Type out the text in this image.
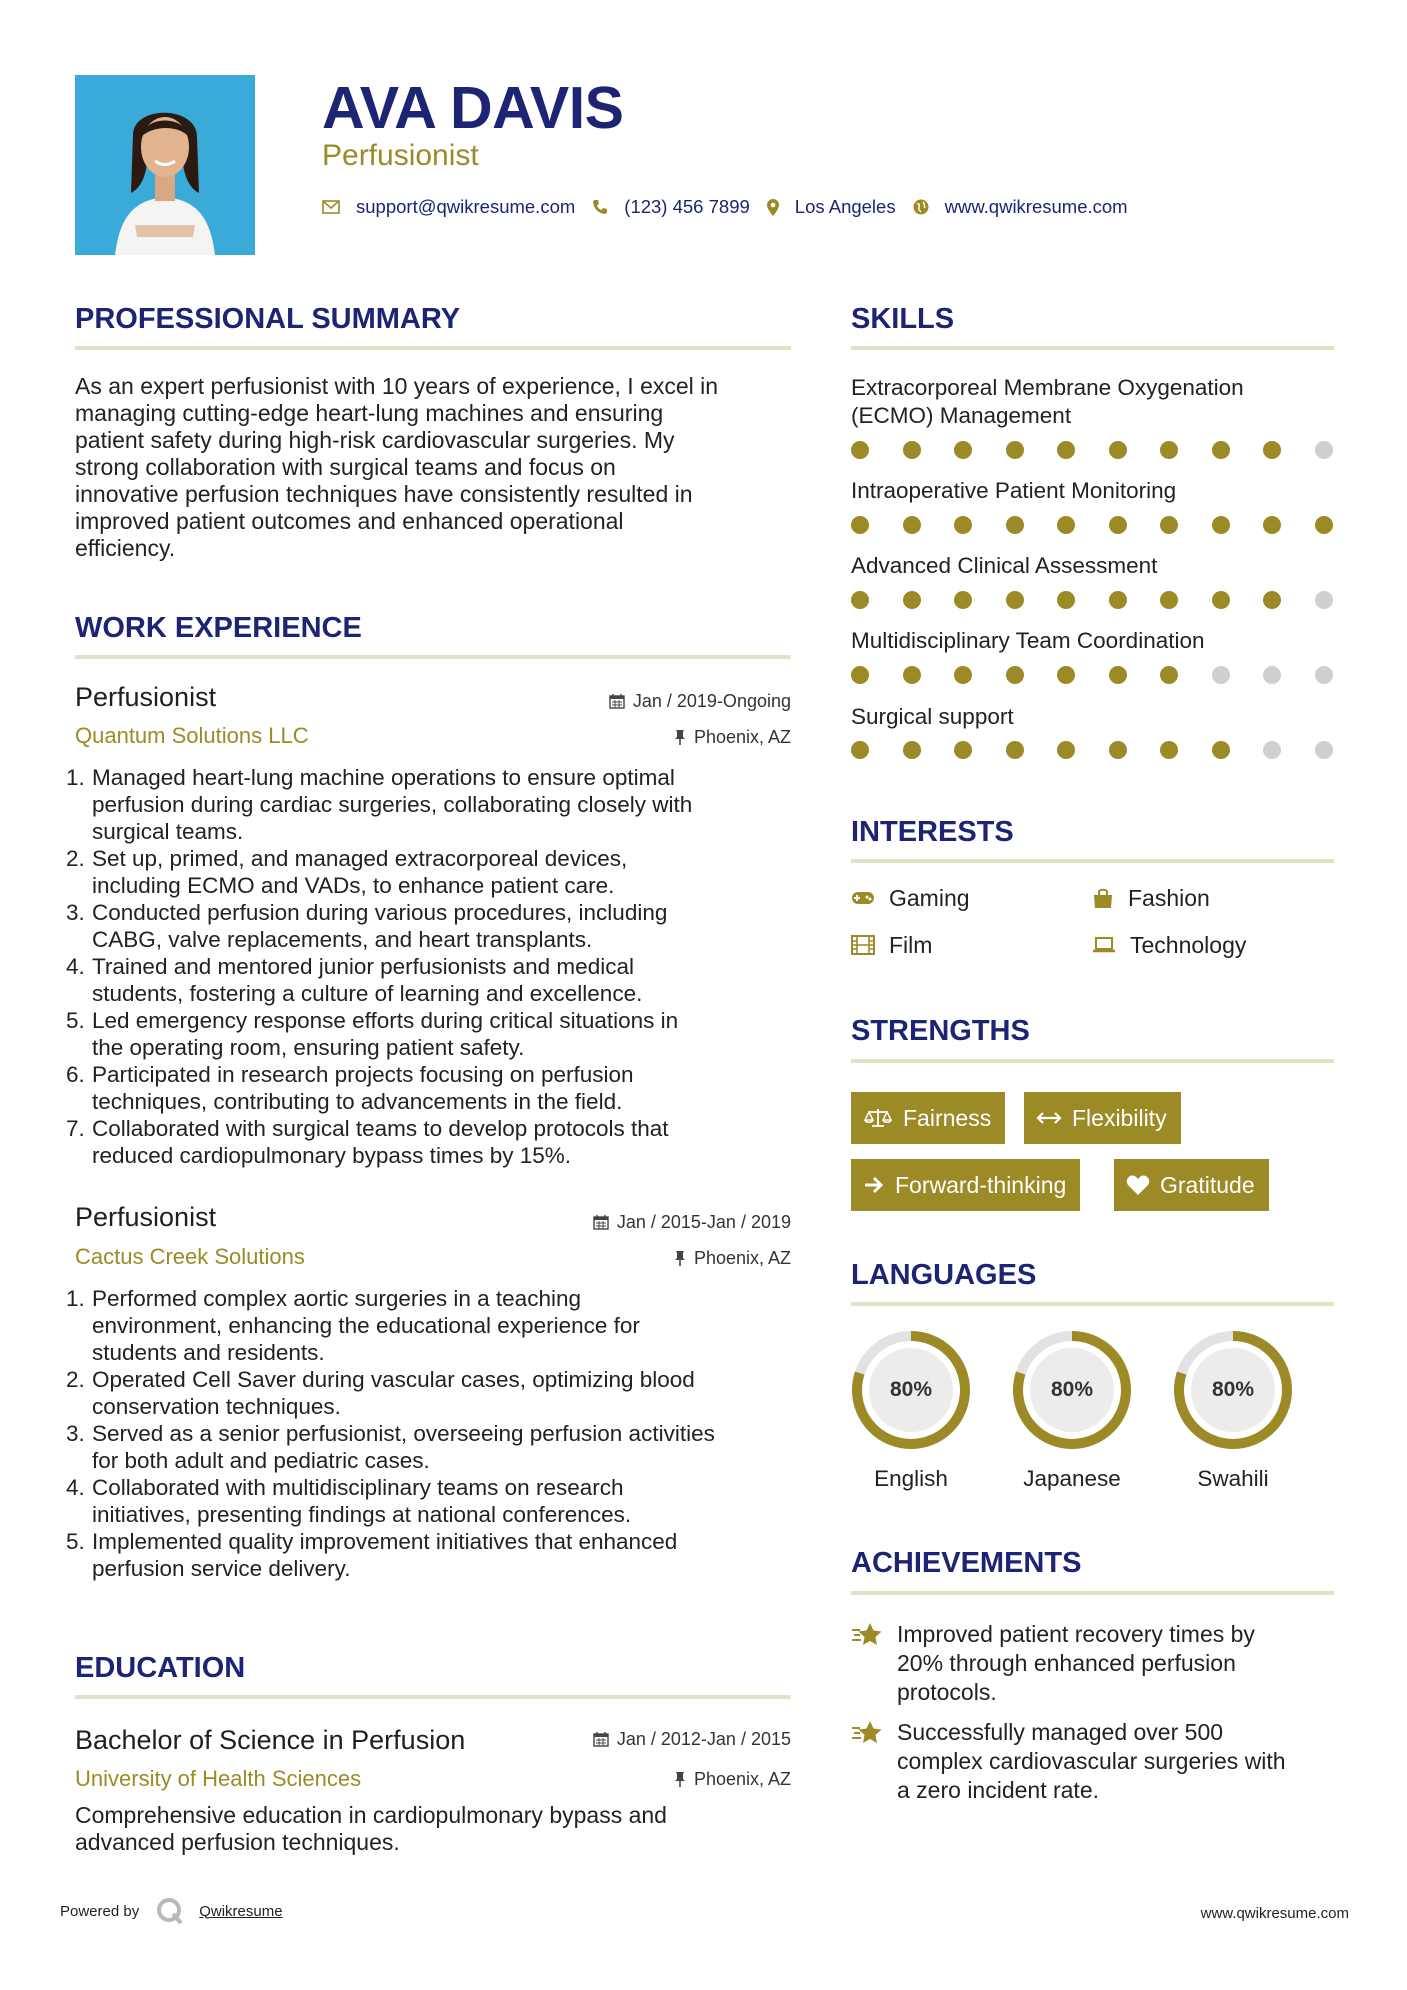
AVA DAVIS
Perfusionist
support@qwikresume.com	(123) 456 7899 Los Angeles	www.qwikresume.com
PROFESSIONAL SUMMARY
As an expert perfusionist with 10 years of experience, I excel in
managing cutting-edge heart-lung machines and ensuring
patient safety during high-risk cardiovascular surgeries. My
strong collaboration with surgical teams and focus on
innovative perfusion techniques have consistently resulted in
improved patient outcomes and enhanced operational
efficiency.
WORK EXPERIENCE
Perfusionist	Jan / 2019-Ongoing
Quantum Solutions LLC	Phoenix, AZ
1. Managed heart-lung machine operations to ensure optimal
perfusion during cardiac surgeries, collaborating closely with
surgical teams.
2. Set up, primed, and managed extracorporeal devices,
including ECMO and VADs, to enhance patient care.
3. Conducted perfusion during various procedures, including
CABG, valve replacements, and heart transplants.
4. Trained and mentored junior perfusionists and medical
students, fostering a culture of learning and excellence.
5. Led emergency response efforts during critical situations in
the operating room, ensuring patient safety.
6. Participated in research projects focusing on perfusion
techniques, contributing to advancements in the field.
7. Collaborated with surgical teams to develop protocols that
reduced cardiopulmonary bypass times by 15%.
Perfusionist	Jan / 2015-Jan / 2019
Cactus Creek Solutions	Phoenix, AZ
1. Performed complex aortic surgeries in a teaching
environment, enhancing the educational experience for
students and residents.
2. Operated Cell Saver during vascular cases, optimizing blood
conservation techniques.
3. Served as a senior perfusionist, overseeing perfusion activities
for both adult and pediatric cases.
4. Collaborated with multidisciplinary teams on research
initiatives, presenting findings at national conferences.
5. Implemented quality improvement initiatives that enhanced
perfusion service delivery.
EDUCATION
Bachelor of Science in Perfusion	Jan / 2012-Jan / 2015
University of Health Sciences	Phoenix, AZ
Comprehensive education in cardiopulmonary bypass and
advanced perfusion techniques.
SKILLS
Extracorporeal Membrane Oxygenation
(ECMO) Management
Intraoperative Patient Monitoring
Advanced Clinical Assessment
Multidisciplinary Team Coordination
Surgical support
INTERESTS
Gaming	Fashion
Film	Technology
STRENGTHS
Fairness	Flexibility
Forward-thinking	Gratitude
LANGUAGES
80%
English
80%
Japanese
80%
Swahili
ACHIEVEMENTS
Improved patient recovery times by
20% through enhanced perfusion
protocols.
Successfully managed over 500
complex cardiovascular surgeries with
a zero incident rate.
Powered by	Qwikresume	www.qwikresume.com
